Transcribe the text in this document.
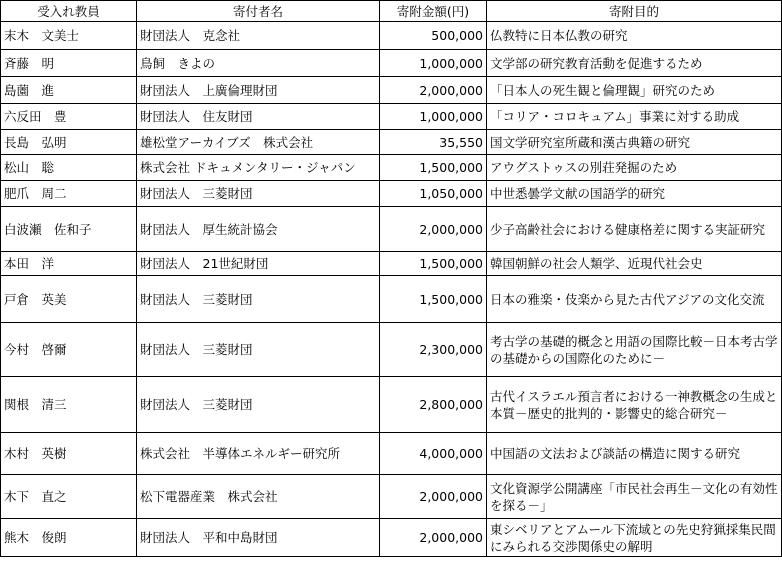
受入れ教員	寄付者名	寄附金額(円)	寄附目的
末木　文美士	財団法人　克念社	500,000	仏教特に日本仏教の研究
斉藤　明	鳥飼　きよの	1,000,000	文学部の研究教育活動を促進するため
島薗　進	財団法人　上廣倫理財団	2,000,000	「日本人の死生観と倫理観」研究のため
六反田　豊	財団法人　住友財団	1,000,000	「コリア・コロキュアム」事業に対する助成
長島　弘明	雄松堂アーカイブズ　株式会社	35,550	国文学研究室所蔵和漢古典籍の研究
松山　聡	株式会社 ドキュメンタリー・ジャパン	1,500,000	アウグストゥスの別荘発掘のため
肥爪　周二	財団法人　三菱財団	1,050,000	中世悉曇学文献の国語学的研究
白波瀬　佐和子	財団法人　厚生統計協会	2,000,000	少子高齢社会における健康格差に関する実証研究
本田　洋	財団法人　21世紀財団	1,500,000	韓国朝鮮の社会人類学、近現代社会史
戸倉　英美	財団法人　三菱財団	1,500,000	日本の雅楽・伎楽から見た古代アジアの文化交流
今村　啓爾	財団法人　三菱財団	2,300,000	考古学の基礎的概念と用語の国際比較－日本考古学の基礎からの国際化のために－
関根　清三	財団法人　三菱財団	2,800,000	古代イスラエル預言者における一神教概念の生成と本質－歴史的批判的・影響史的総合研究－
木村　英樹	株式会社　半導体エネルギー研究所	4,000,000	中国語の文法および談話の構造に関する研究
木下　直之	松下電器産業　株式会社	2,000,000	文化資源学公開講座「市民社会再生－文化の有効性を探る－」
熊木　俊朗	財団法人　平和中島財団	2,000,000	東シベリアとアムール下流域との先史狩猟採集民間にみられる交渉関係史の解明
